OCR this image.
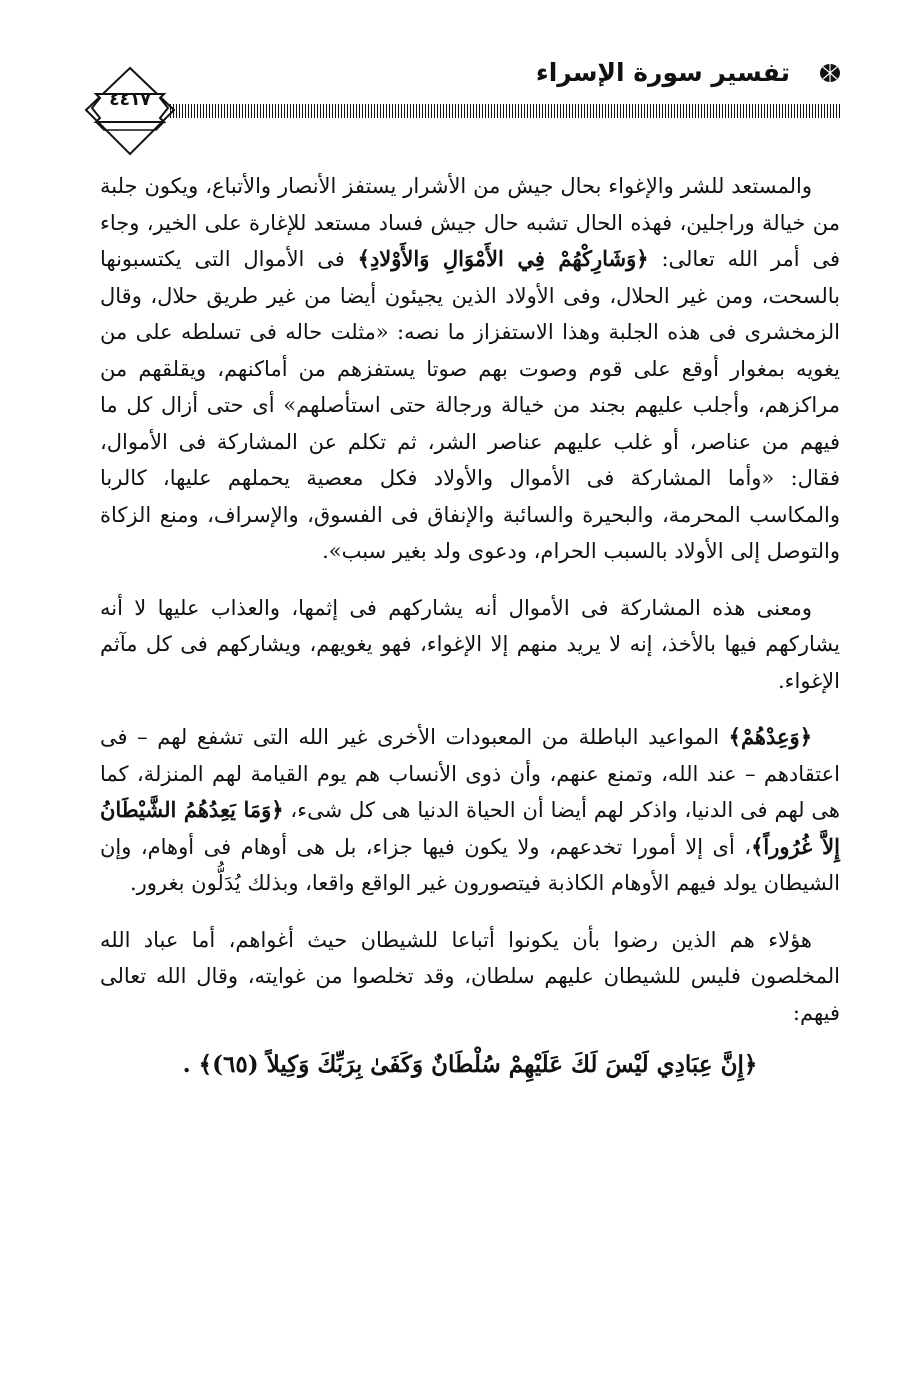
تفسير سورة الإسراء
٤٤١٧

والمستعد للشر والإغواء بحال جيش من الأشرار يستفز الأنصار والأتباع، ويكون جلبة من خيالة وراجلين، فهذه الحال تشبه حال جيش فساد مستعد للإغارة على الخير، وجاء فى أمر الله تعالى: ﴿وَشَارِكْهُمْ فِي الأَمْوَالِ وَالأَوْلادِ﴾ فى الأموال التى يكتسبونها بالسحت، ومن غير الحلال، وفى الأولاد الذين يجيئون أيضا من غير طريق حلال، وقال الزمخشرى فى هذه الجلبة وهذا الاستفزاز ما نصه: «مثلت حاله فى تسلطه على من يغويه بمغوار أوقع على قوم وصوت بهم صوتا يستفزهم من أماكنهم، ويقلقهم من مراكزهم، وأجلب عليهم بجند من خيالة ورجالة حتى استأصلهم» أى حتى أزال كل ما فيهم من عناصر، أو غلب عليهم عناصر الشر، ثم تكلم عن المشاركة فى الأموال، فقال: «وأما المشاركة فى الأموال والأولاد فكل معصية يحملهم عليها، كالربا والمكاسب المحرمة، والبحيرة والسائبة والإنفاق فى الفسوق، والإسراف، ومنع الزكاة والتوصل إلى الأولاد بالسبب الحرام، ودعوى ولد بغير سبب».

ومعنى هذه المشاركة فى الأموال أنه يشاركهم فى إثمها، والعذاب عليها لا أنه يشاركهم فيها بالأخذ، إنه لا يريد منهم إلا الإغواء، فهو يغويهم، ويشاركهم فى كل مآثم الإغواء.

﴿وَعِدْهُمْ﴾ المواعيد الباطلة من المعبودات الأخرى غير الله التى تشفع لهم – فى اعتقادهم – عند الله، وتمنع عنهم، وأن ذوى الأنساب هم يوم القيامة لهم المنزلة، كما هى لهم فى الدنيا، واذكر لهم أيضا أن الحياة الدنيا هى كل شىء، ﴿وَمَا يَعِدُهُمُ الشَّيْطَانُ إِلاَّ غُرُوراً﴾، أى إلا أمورا تخدعهم، ولا يكون فيها جزاء، بل هى أوهام فى أوهام، وإن الشيطان يولد فيهم الأوهام الكاذبة فيتصورون غير الواقع واقعا، وبذلك يُدَلُّون بغرور.

هؤلاء هم الذين رضوا بأن يكونوا أتباعا للشيطان حيث أغواهم، أما عباد الله المخلصون فليس للشيطان عليهم سلطان، وقد تخلصوا من غوايته، وقال الله تعالى فيهم:

﴿إِنَّ عِبَادِي لَيْسَ لَكَ عَلَيْهِمْ سُلْطَانٌ وَكَفَىٰ بِرَبِّكَ وَكِيلاً (٦٥)﴾ .
